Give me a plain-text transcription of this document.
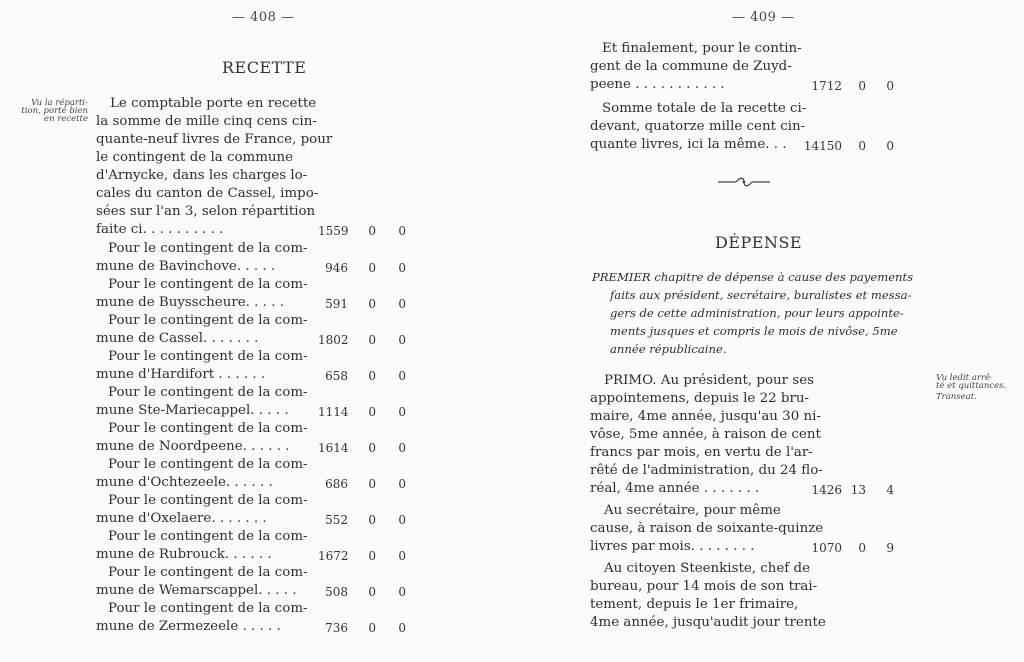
— 408 —
RECETTE
Vu la réparti-
tion, porté bien
en recette
Le comptable porte en recette
la somme de mille cinq cens cin-
quante-neuf livres de France, pour
le contingent de la commune
d'Arnycke, dans les charges lo-
cales du canton de Cassel, impo-
sées sur l'an 3, selon répartition
faite ci. . . . . . . . . .	1559 0 0
Pour le contingent de la com-
mune de Bavinchove. . . . .	946 0 0
Pour le contingent de la com-
mune de Buysscheure. . . . .	591 0 0
Pour le contingent de la com-
mune de Cassel. . . . . . .	1802 0 0
Pour le contingent de la com-
mune d'Hardifort . . . . . .	658 0 0
Pour le contingent de la com-
mune Ste-Mariecappel. . . . . 1114 0 0
Pour le contingent de la com-
mune de Noordpeene. . . . . . 1614 0 0
Pour le contingent de la com-
mune d'Ochtezeele. . . . . .	686 0 0
Pour le contingent de la com-
mune d'Oxelaere. . . . . . .	552 0 0
Pour le contingent de la com-
mune de Rubrouck. . . . . .	1672 0 0
Pour le contingent de la com-
mune de Wemarscappel. . . . .	508 0 0
Pour le contingent de la com-
mune de Zermezeele . . . . .	736 0 0
— 409 —
Et finalement, pour le contin-
gent de la commune de Zuyd-
peene . . . . . . . . . . .	1712 0 0
Somme totale de la recette ci-
devant, quatorze mille cent cin-
quante livres, ici la même. . . 14150 0 0
DÉPENSE
PREMIER chapitre de dépense à cause des payements
faits aux président, secrétaire, buralistes et messa-
gers de cette administration, pour leurs appointe-
ments jusques et compris le mois de nivôse, 5me
année républicaine.
Vu ledit arrê-
té et quittances.
Transeat.
PRIMO. Au président, pour ses
appointemens, depuis le 22 bru-
maire, 4me année, jusqu'au 30 ni-
vôse, 5me année, à raison de cent
francs par mois, en vertu de l'ar-
rêté de l'administration, du 24 flo-
réal, 4me année . . . . . . .	1426 13 4
Au secrétaire, pour même
cause, à raison de soixante-quinze
livres par mois. . . . . . . .	1070 0 9
Au citoyen Steenkiste, chef de
bureau, pour 14 mois de son trai-
tement, depuis le 1er frimaire,
4me année, jusqu'audit jour trente
